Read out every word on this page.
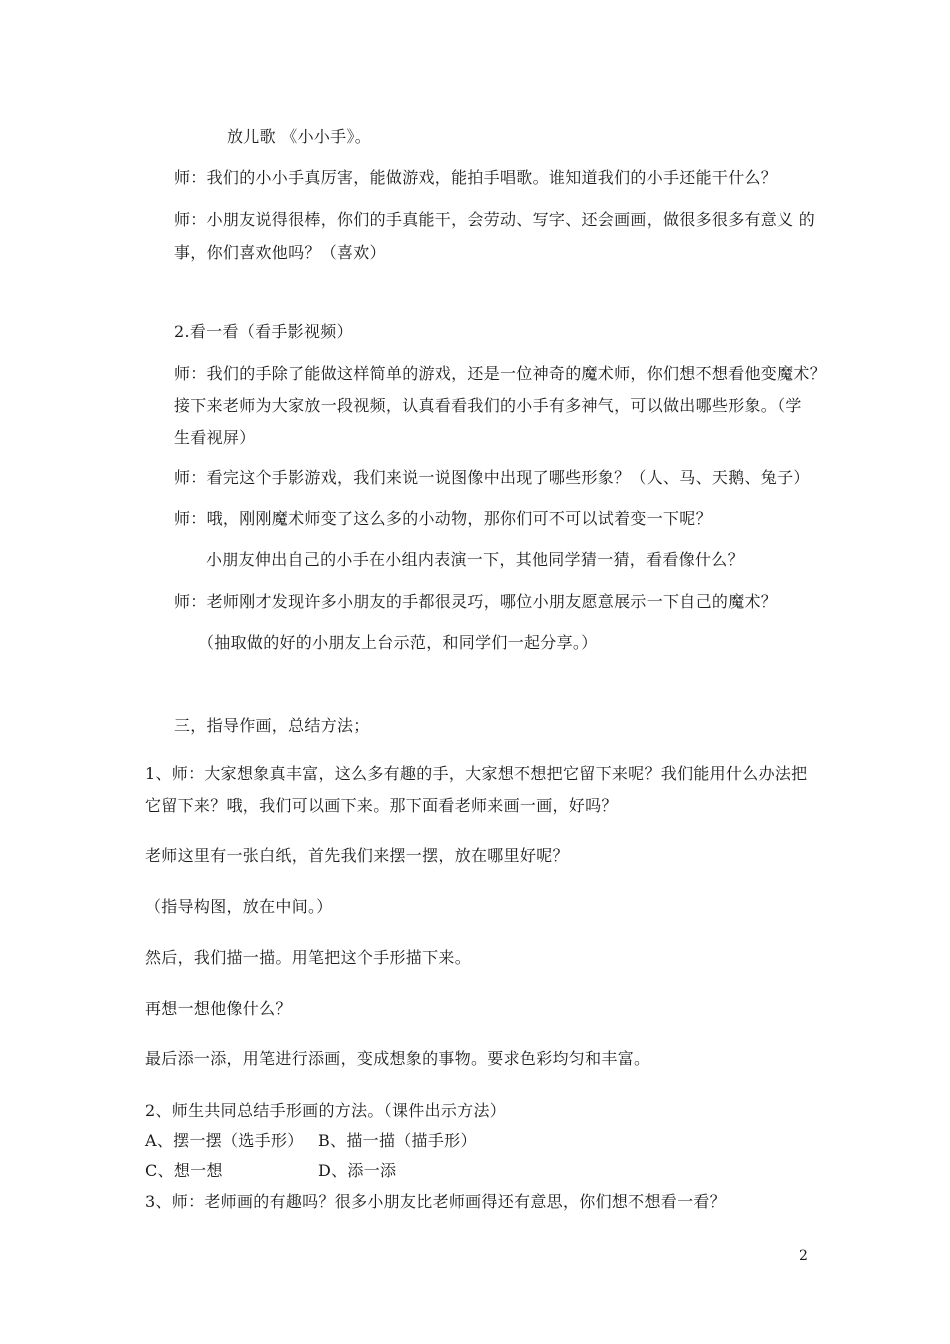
放儿歌 《小小手》。
师：我们的小小手真厉害，能做游戏，能拍手唱歌。谁知道我们的小手还能干什么？
师：小朋友说得很棒，你们的手真能干，会劳动、写字、还会画画，做很多很多有意义 的
事，你们喜欢他吗？（喜欢）
2.看一看（看手影视频）
师：我们的手除了能做这样简单的游戏，还是一位神奇的魔术师，你们想不想看他变魔术？
接下来老师为大家放一段视频，认真看看我们的小手有多神气，可以做出哪些形象。（学
生看视屏）
师：看完这个手影游戏，我们来说一说图像中出现了哪些形象？（人、马、天鹅、兔子）
师：哦，刚刚魔术师变了这么多的小动物，那你们可不可以试着变一下呢？
小朋友伸出自己的小手在小组内表演一下，其他同学猜一猜，看看像什么？
师：老师刚才发现许多小朋友的手都很灵巧，哪位小朋友愿意展示一下自己的魔术？
（抽取做的好的小朋友上台示范，和同学们一起分享。）
三，指导作画，总结方法；
1、师：大家想象真丰富，这么多有趣的手，大家想不想把它留下来呢？我们能用什么办法把
它留下来？哦，我们可以画下来。那下面看老师来画一画，好吗？
老师这里有一张白纸，首先我们来摆一摆，放在哪里好呢？
（指导构图，放在中间。）
然后，我们描一描。用笔把这个手形描下来。
再想一想他像什么？
最后添一添，用笔进行添画，变成想象的事物。要求色彩均匀和丰富。
2、师生共同总结手形画的方法。（课件出示方法）
A、摆一摆（选手形） B、描一描（描手形）
C、想一想	D、添一添
3、师：老师画的有趣吗？很多小朋友比老师画得还有意思，你们想不想看一看？
2
